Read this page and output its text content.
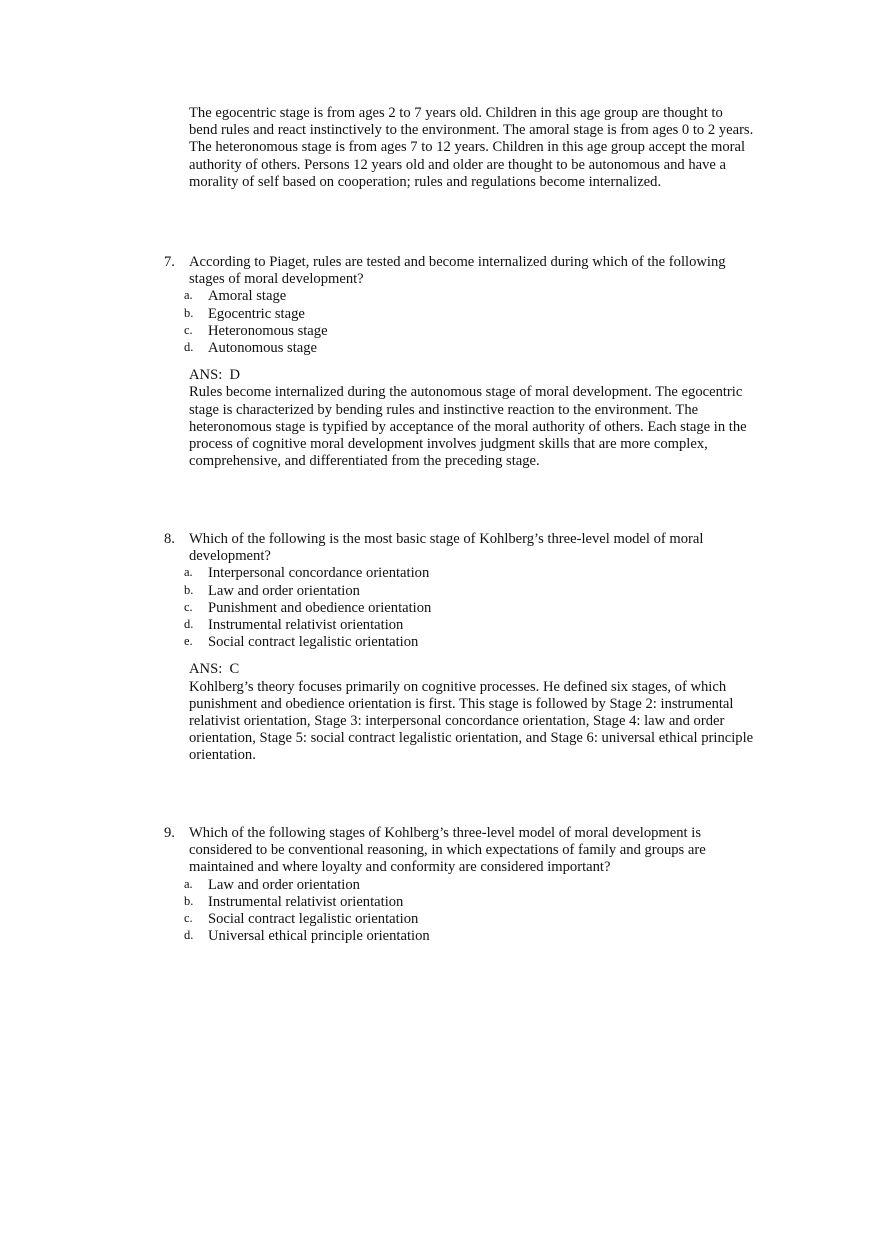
The egocentric stage is from ages 2 to 7 years old. Children in this age group are thought to bend rules and react instinctively to the environment. The amoral stage is from ages 0 to 2 years. The heteronomous stage is from ages 7 to 12 years. Children in this age group accept the moral authority of others. Persons 12 years old and older are thought to be autonomous and have a morality of self based on cooperation; rules and regulations become internalized.

7. According to Piaget, rules are tested and become internalized during which of the following stages of moral development?
a. Amoral stage
b. Egocentric stage
c. Heteronomous stage
d. Autonomous stage
ANS:  D
Rules become internalized during the autonomous stage of moral development. The egocentric stage is characterized by bending rules and instinctive reaction to the environment. The heteronomous stage is typified by acceptance of the moral authority of others. Each stage in the process of cognitive moral development involves judgment skills that are more complex, comprehensive, and differentiated from the preceding stage.
8. Which of the following is the most basic stage of Kohlberg’s three-level model of moral development?
a. Interpersonal concordance orientation
b. Law and order orientation
c. Punishment and obedience orientation
d. Instrumental relativist orientation
e. Social contract legalistic orientation
ANS:  C
Kohlberg’s theory focuses primarily on cognitive processes. He defined six stages, of which punishment and obedience orientation is first. This stage is followed by Stage 2: instrumental relativist orientation, Stage 3: interpersonal concordance orientation, Stage 4: law and order orientation, Stage 5: social contract legalistic orientation, and Stage 6: universal ethical principle orientation.
9. Which of the following stages of Kohlberg’s three-level model of moral development is considered to be conventional reasoning, in which expectations of family and groups are maintained and where loyalty and conformity are considered important?
a. Law and order orientation
b. Instrumental relativist orientation
c. Social contract legalistic orientation
d. Universal ethical principle orientation
